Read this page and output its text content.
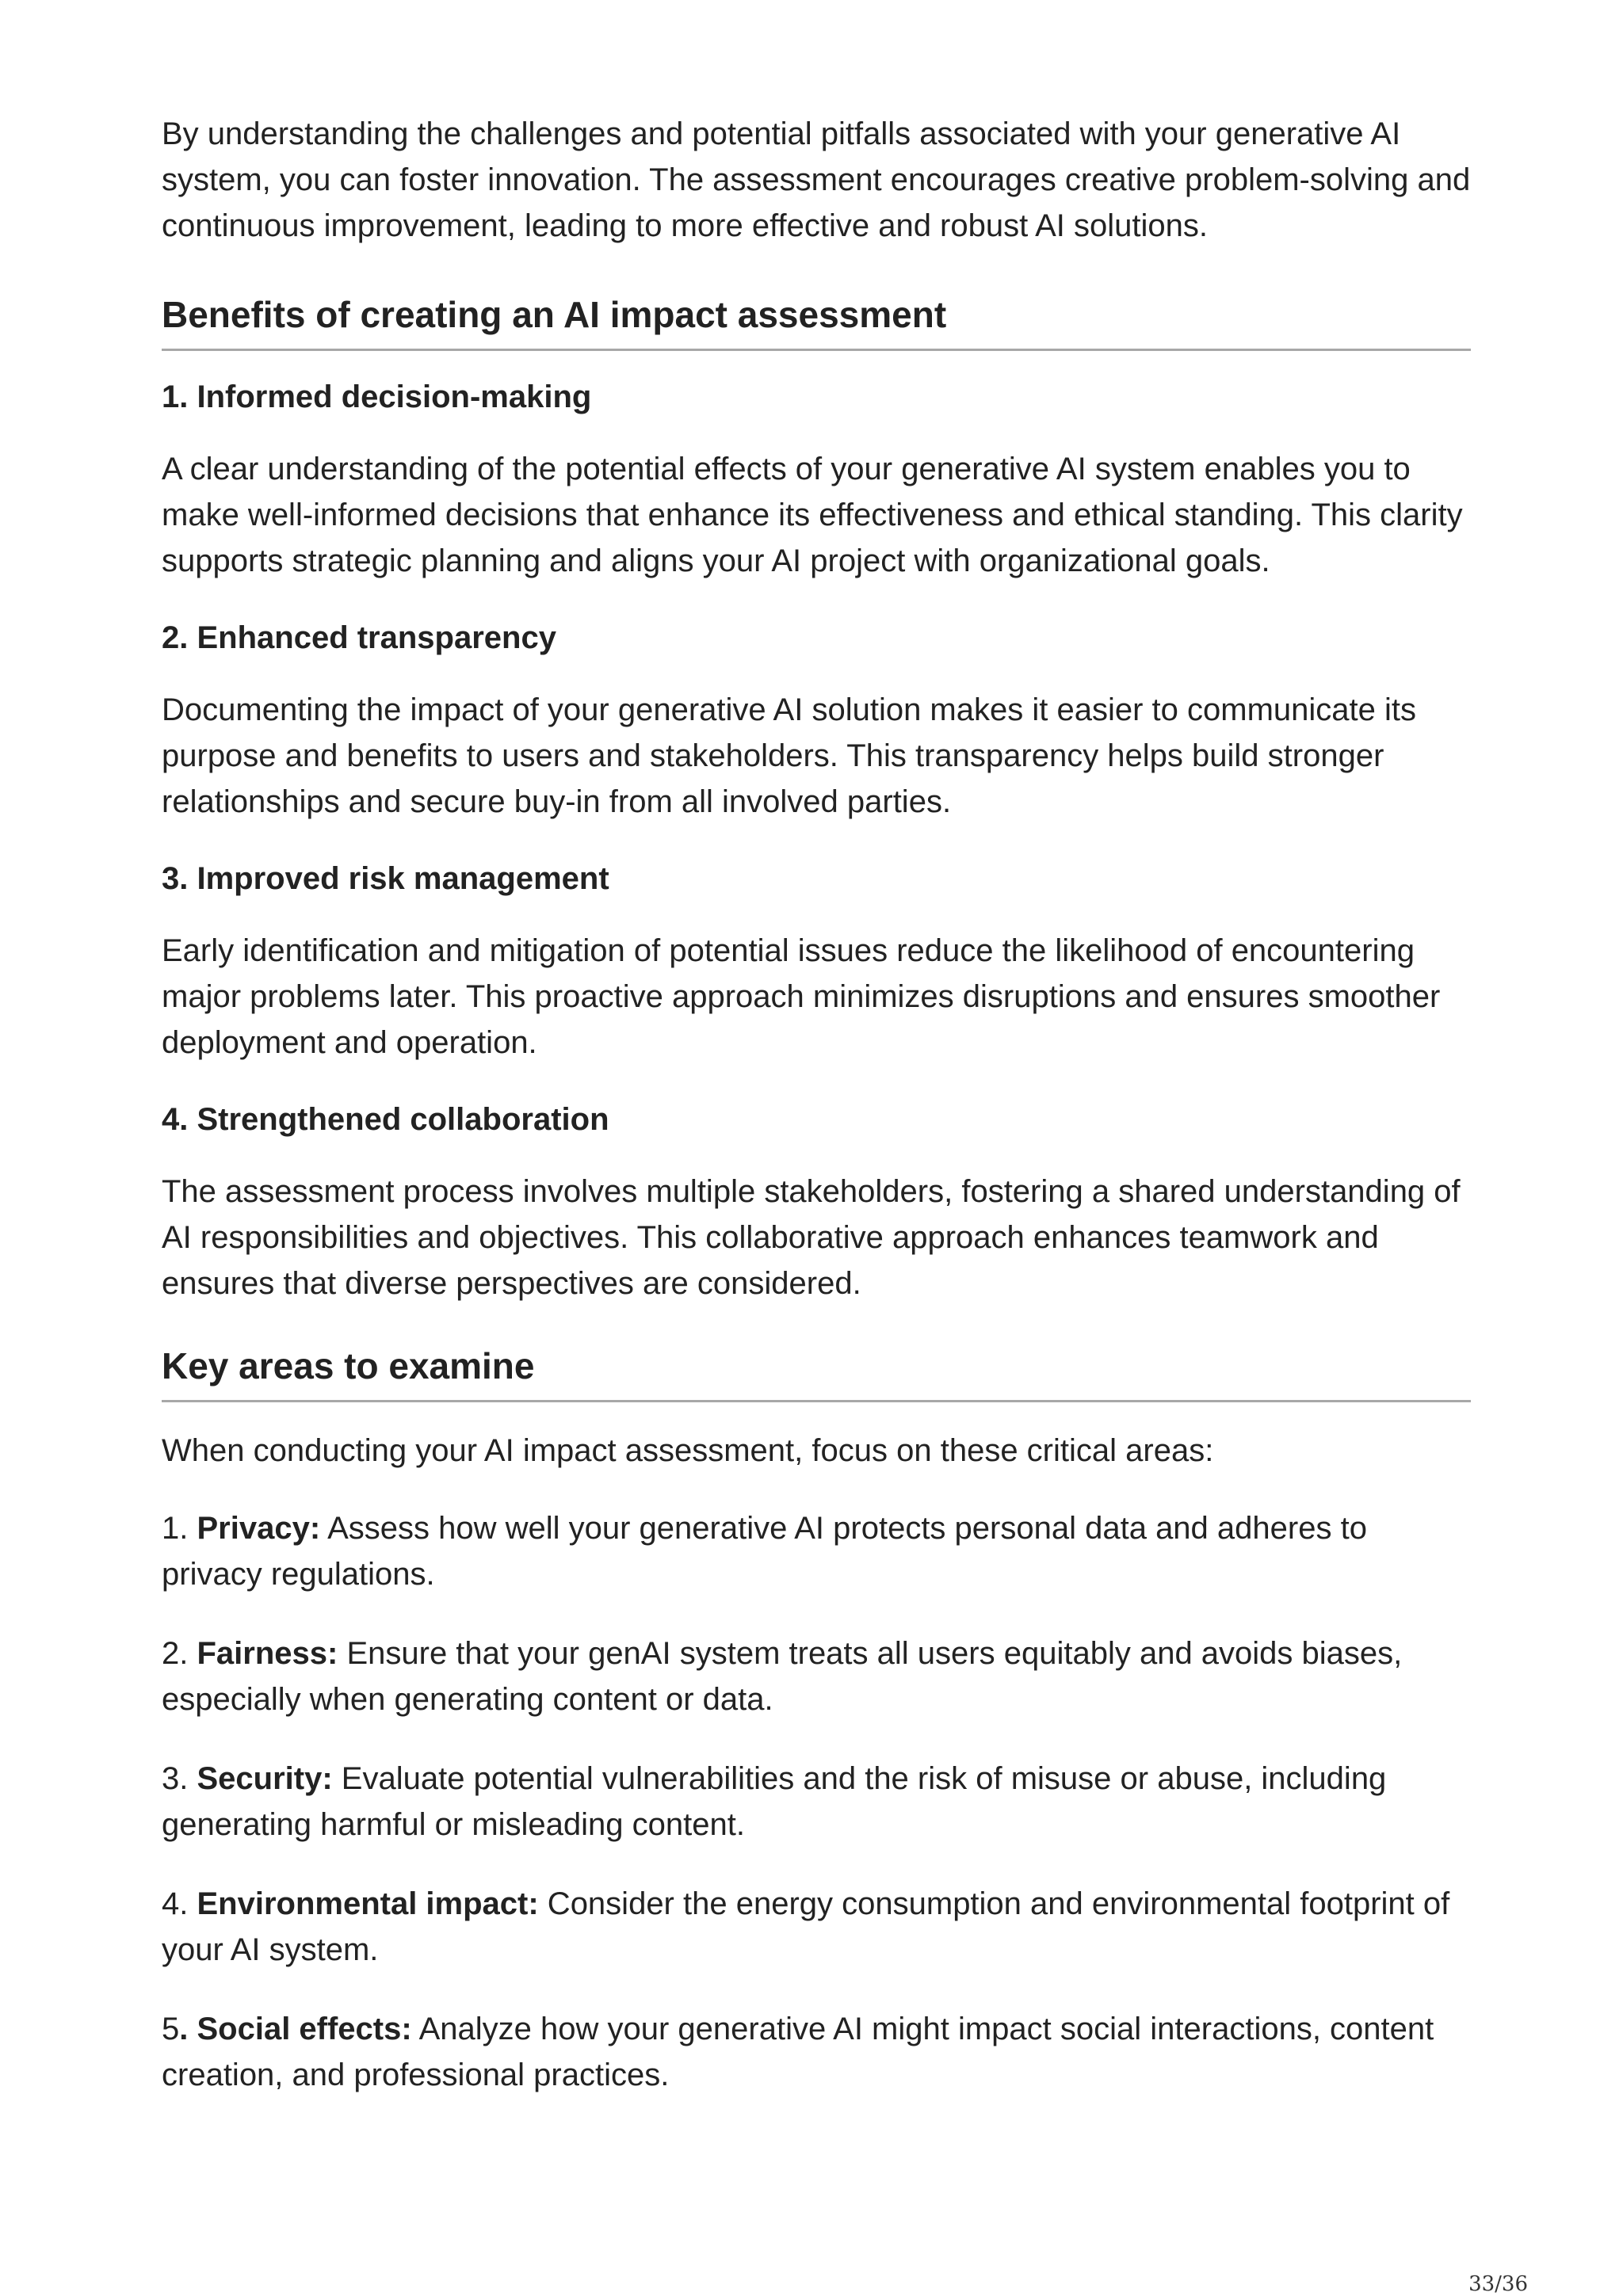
By understanding the challenges and potential pitfalls associated with your generative AI system, you can foster innovation. The assessment encourages creative problem-solving and continuous improvement, leading to more effective and robust AI solutions.

Benefits of creating an AI impact assessment
1. Informed decision-making

A clear understanding of the potential effects of your generative AI system enables you to make well-informed decisions that enhance its effectiveness and ethical standing. This clarity supports strategic planning and aligns your AI project with organizational goals.

2. Enhanced transparency

Documenting the impact of your generative AI solution makes it easier to communicate its purpose and benefits to users and stakeholders. This transparency helps build stronger relationships and secure buy-in from all involved parties.

3. Improved risk management

Early identification and mitigation of potential issues reduce the likelihood of encountering major problems later. This proactive approach minimizes disruptions and ensures smoother deployment and operation.

4. Strengthened collaboration

The assessment process involves multiple stakeholders, fostering a shared understanding of AI responsibilities and objectives. This collaborative approach enhances teamwork and ensures that diverse perspectives are considered.

Key areas to examine

When conducting your AI impact assessment, focus on these critical areas:

1. Privacy: Assess how well your generative AI protects personal data and adheres to privacy regulations.

2. Fairness: Ensure that your genAI system treats all users equitably and avoids biases, especially when generating content or data.

3. Security: Evaluate potential vulnerabilities and the risk of misuse or abuse, including generating harmful or misleading content.

4. Environmental impact: Consider the energy consumption and environmental footprint of your AI system.

5. Social effects: Analyze how your generative AI might impact social interactions, content creation, and professional practices.

33/36
